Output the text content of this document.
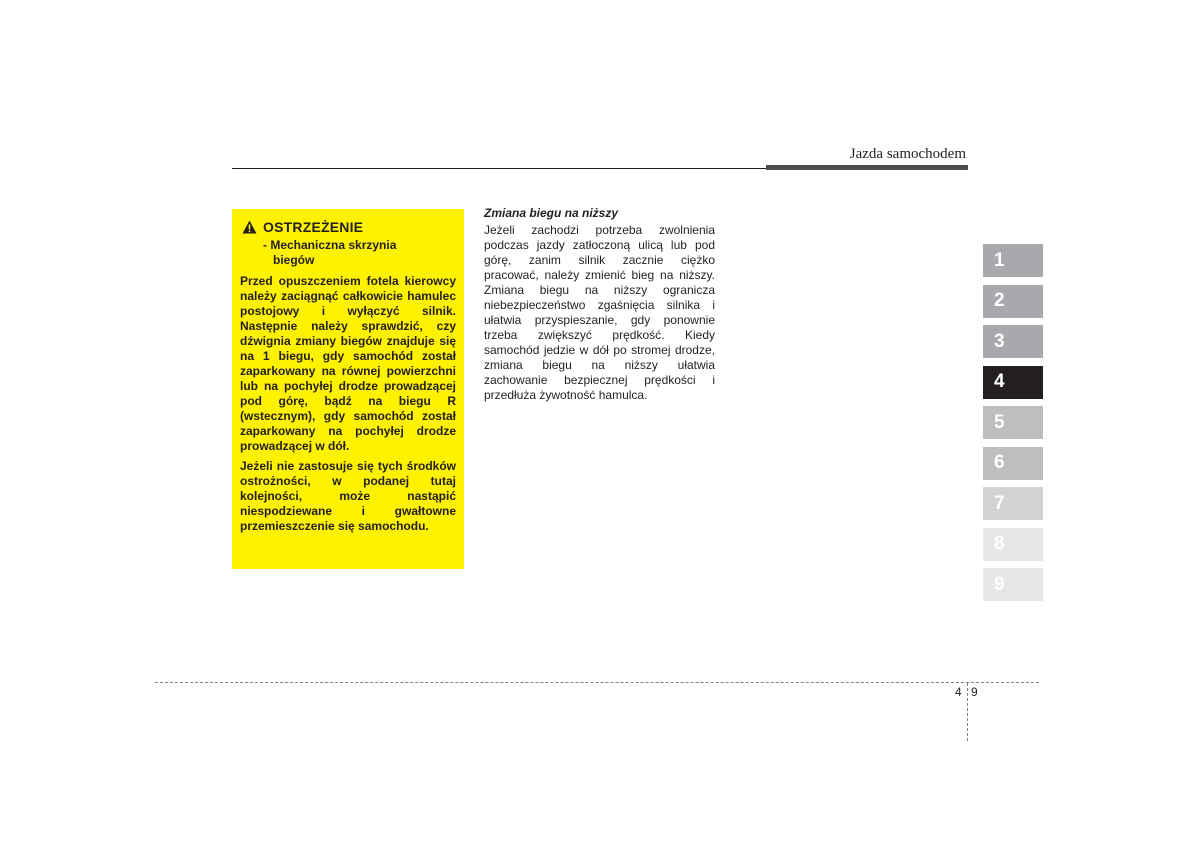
Jazda samochodem
OSTRZEŻENIE
- Mechaniczna skrzynia
biegów

Przed opuszczeniem fotela kierowcy należy zaciągnąć całkowicie hamulec postojowy i wyłączyć silnik. Następnie należy sprawdzić, czy dźwignia zmiany biegów znajduje się na 1 biegu, gdy samochód został zaparkowany na równej powierzchni lub na pochyłej drodze prowadzącej pod górę, bądź na biegu R (wstecznym), gdy samochód został zaparkowany na pochyłej drodze prowadzącej w dół.

Jeżeli nie zastosuje się tych środków ostrożności, w podanej tutaj kolejności, może nastąpić niespodziewane i gwałtowne przemieszczenie się samochodu.

Zmiana biegu na niższy

Jeżeli zachodzi potrzeba zwolnienia podczas jazdy zatłoczoną ulicą lub pod górę, zanim silnik zacznie ciężko pracować, należy zmienić bieg na niższy. Zmiana biegu na niższy ogranicza niebezpieczeństwo zgaśnięcia silnika i ułatwia przyspieszanie, gdy ponownie trzeba zwiększyć prędkość. Kiedy samochód jedzie w dół po stromej drodze, zmiana biegu na niższy ułatwia zachowanie bezpiecznej prędkości i przedłuża żywotność hamulca.

1
2
3
4
5
6
7
8
9
4 9
